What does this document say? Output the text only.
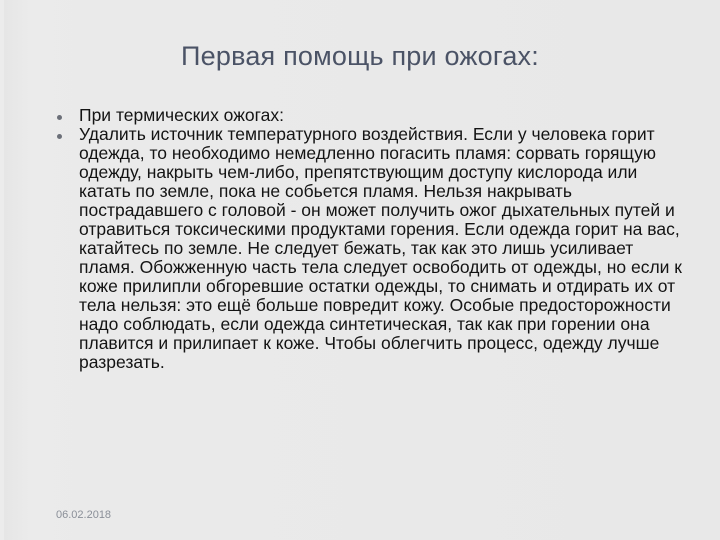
Первая помощь при ожогах:
При термических ожогах:
Удалить источник температурного воздействия. Если у человека горит одежда, то необходимо немедленно погасить пламя: сорвать горящую одежду, накрыть чем-либо, препятствующим доступу кислорода или катать по земле, пока не собьется пламя. Нельзя накрывать пострадавшего с головой - он может получить ожог дыхательных путей и отравиться токсическими продуктами горения. Если одежда горит на вас, катайтесь по земле. Не следует бежать, так как это лишь усиливает пламя. Обожженную часть тела следует освободить от одежды, но если к коже прилипли обгоревшие остатки одежды, то снимать и отдирать их от тела нельзя: это ещё больше повредит кожу. Особые предосторожности надо соблюдать, если одежда синтетическая, так как при горении она плавится и прилипает к коже. Чтобы облегчить процесс, одежду лучше разрезать.
06.02.2018
